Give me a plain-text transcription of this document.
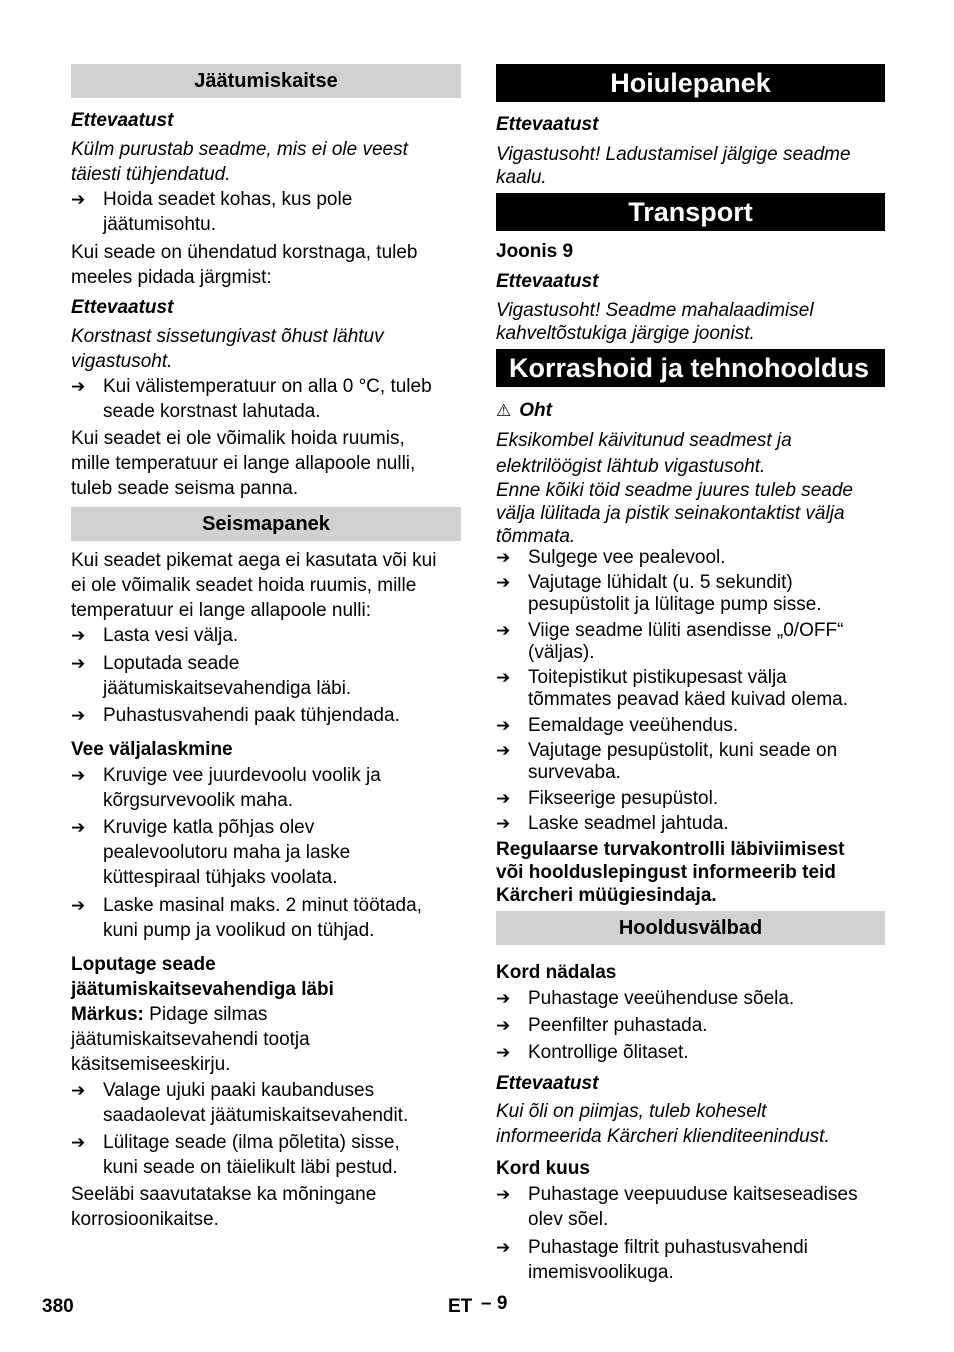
Jäätumiskaitse
Ettevaatust
Külm purustab seadme, mis ei ole veest
täiesti tühjendatud.
➔ Hoida seadet kohas, kus pole
jäätumisohtu.
Kui seade on ühendatud korstnaga, tuleb
meeles pidada järgmist:
Ettevaatust
Korstnast sissetungivast õhust lähtuv
vigastusoht.
➔ Kui välistemperatuur on alla 0 °C, tuleb
seade korstnast lahutada.
Kui seadet ei ole võimalik hoida ruumis,
mille temperatuur ei lange allapoole nulli,
tuleb seade seisma panna.
Seismapanek
Kui seadet pikemat aega ei kasutata või kui
ei ole võimalik seadet hoida ruumis, mille
temperatuur ei lange allapoole nulli:
➔ Lasta vesi välja.
➔ Loputada seade
jäätumiskaitsevahendiga läbi.
➔ Puhastusvahendi paak tühjendada.
Vee väljalaskmine
➔ Kruvige vee juurdevoolu voolik ja
kõrgsurvevoolik maha.
➔ Kruvige katla põhjas olev
pealevoolutoru maha ja laske
küttespiraal tühjaks voolata.
➔ Laske masinal maks. 2 minut töötada,
kuni pump ja voolikud on tühjad.
Loputage seade
jäätumiskaitsevahendiga läbi
Märkus: Pidage silmas
jäätumiskaitsevahendi tootja
käsitsemiseeskirju.
➔ Valage ujuki paaki kaubanduses
saadaolevat jäätumiskaitsevahendit.
➔ Lülitage seade (ilma põletita) sisse,
kuni seade on täielikult läbi pestud.
Seeläbi saavutatakse ka mõningane
korrosioonikaitse.
Hoiulepanek
Ettevaatust
Vigastusoht! Ladustamisel jälgige seadme
kaalu.
Transport
Joonis 9
Ettevaatust
Vigastusoht! Seadme mahalaadimisel
kahveltõstukiga järgige joonist.
Korrashoid ja tehnohooldus
⚠ Oht
Eksikombel käivitunud seadmest ja
elektrilöögist lähtub vigastusoht.
Enne kõiki töid seadme juures tuleb seade
välja lülitada ja pistik seinakontaktist välja
tõmmata.
➔ Sulgege vee pealevool.
➔ Vajutage lühidalt (u. 5 sekundit)
pesupüstolit ja lülitage pump sisse.
➔ Viige seadme lüliti asendisse „0/OFF“
(väljas).
➔ Toitepistikut pistikupesast välja
tõmmates peavad käed kuivad olema.
➔ Eemaldage veeühendus.
➔ Vajutage pesupüstolit, kuni seade on
survevaba.
➔ Fikseerige pesupüstol.
➔ Laske seadmel jahtuda.
Regulaarse turvakontrolli läbiviimisest
või hoolduslepingust informeerib teid
Kärcheri müügiesindaja.
Hooldusvälbad
Kord nädalas
➔ Puhastage veeühenduse sõela.
➔ Peenfilter puhastada.
➔ Kontrollige õlitaset.
Ettevaatust
Kui õli on piimjas, tuleb koheselt
informeerida Kärcheri klienditeenindust.
Kord kuus
➔ Puhastage veepuuduse kaitseseadises
olev sõel.
➔ Puhastage filtrit puhastusvahendi
imemisvoolikuga.
380	ET – 9
